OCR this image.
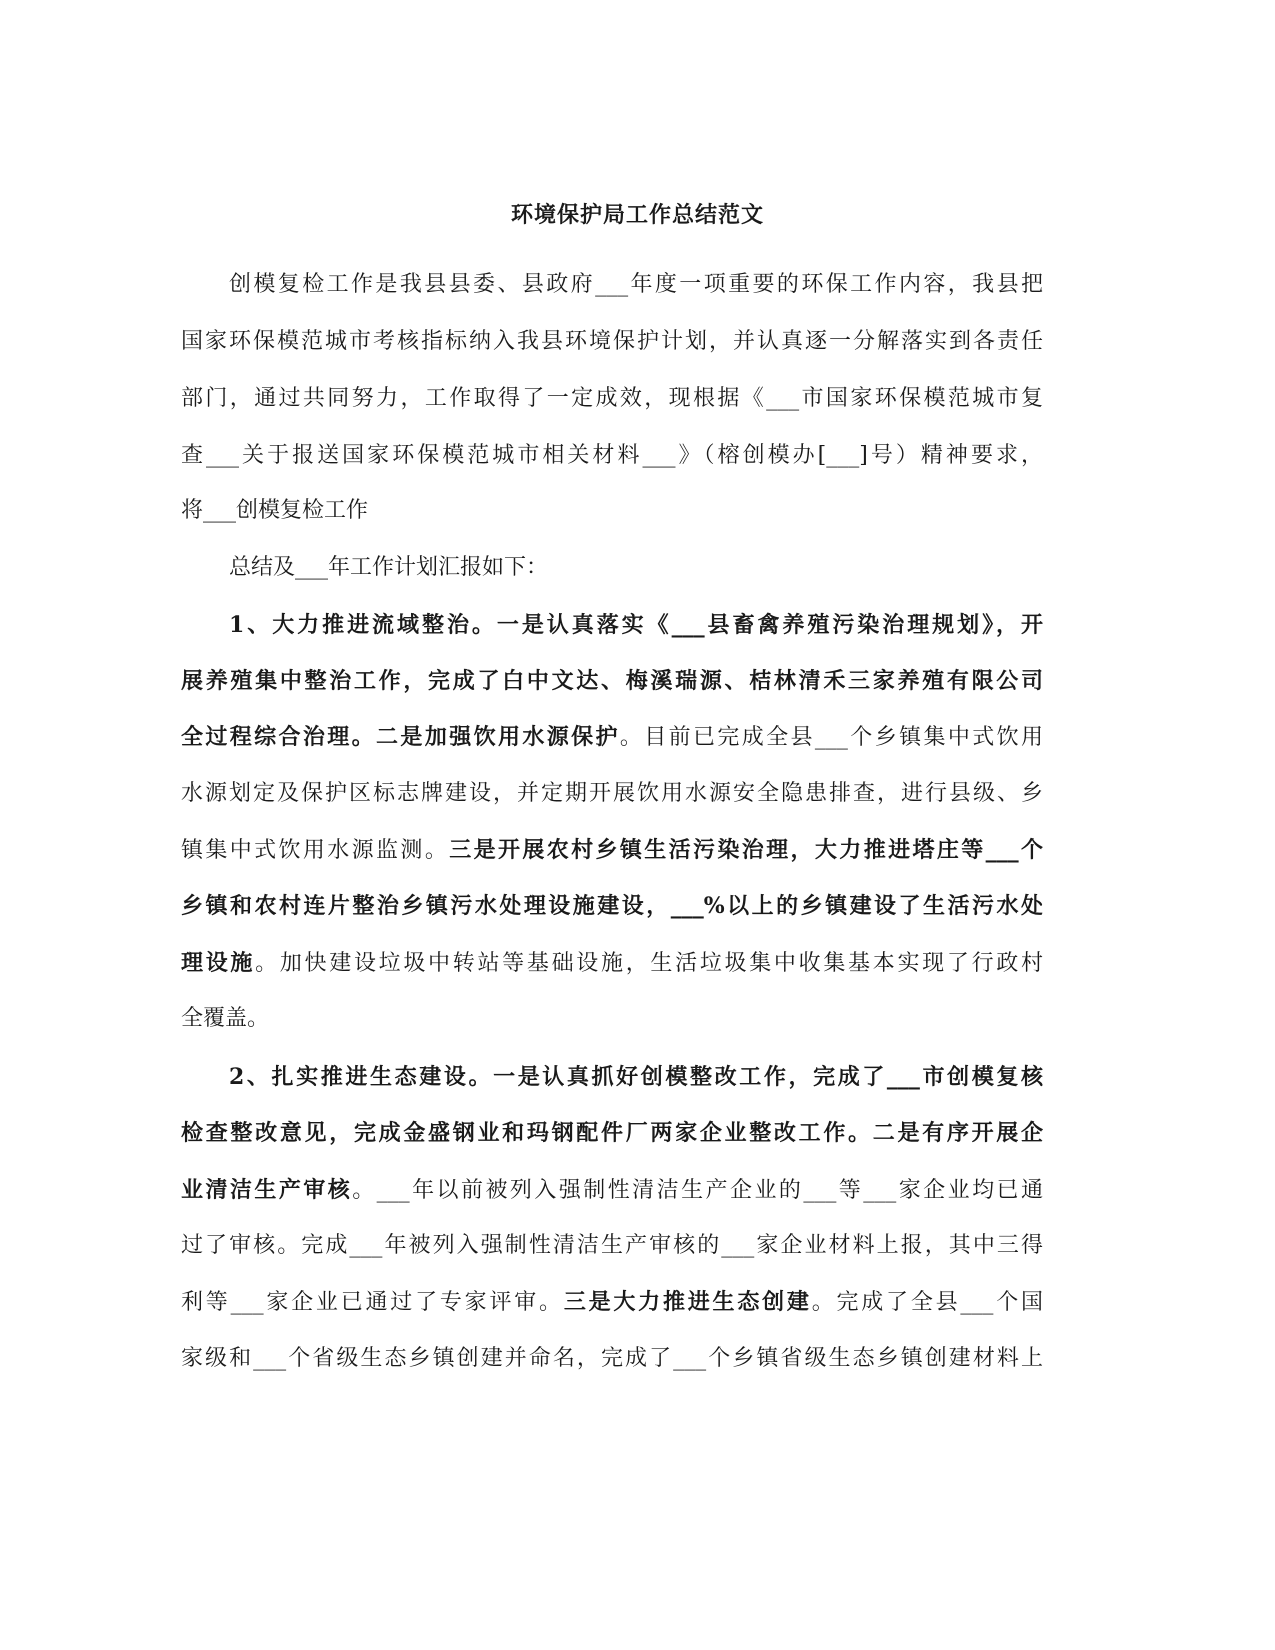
环境保护局工作总结范文
创模复检工作是我县县委、县政府___年度一项重要的环保工作内容，我县把
国家环保模范城市考核指标纳入我县环境保护计划，并认真逐一分解落实到各责任
部门，通过共同努力，工作取得了一定成效，现根据《___市国家环保模范城市复
查___关于报送国家环保模范城市相关材料___》（榕创模办[___]号）精神要求，
将___创模复检工作
总结及___年工作计划汇报如下：
1、大力推进流域整治。一是认真落实《___县畜禽养殖污染治理规划》，开
展养殖集中整治工作，完成了白中文达、梅溪瑞源、桔林清禾三家养殖有限公司
全过程综合治理。二是加强饮用水源保护。目前已完成全县___个乡镇集中式饮用
水源划定及保护区标志牌建设，并定期开展饮用水源安全隐患排查，进行县级、乡
镇集中式饮用水源监测。三是开展农村乡镇生活污染治理，大力推进塔庄等___个
乡镇和农村连片整治乡镇污水处理设施建设，___%以上的乡镇建设了生活污水处
理设施。加快建设垃圾中转站等基础设施，生活垃圾集中收集基本实现了行政村
全覆盖。
2、扎实推进生态建设。一是认真抓好创模整改工作，完成了___市创模复核
检查整改意见，完成金盛钢业和玛钢配件厂两家企业整改工作。二是有序开展企
业清洁生产审核。___年以前被列入强制性清洁生产企业的___等___家企业均已通
过了审核。完成___年被列入强制性清洁生产审核的___家企业材料上报，其中三得
利等___家企业已通过了专家评审。三是大力推进生态创建。完成了全县___个国
家级和___个省级生态乡镇创建并命名，完成了___个乡镇省级生态乡镇创建材料上
